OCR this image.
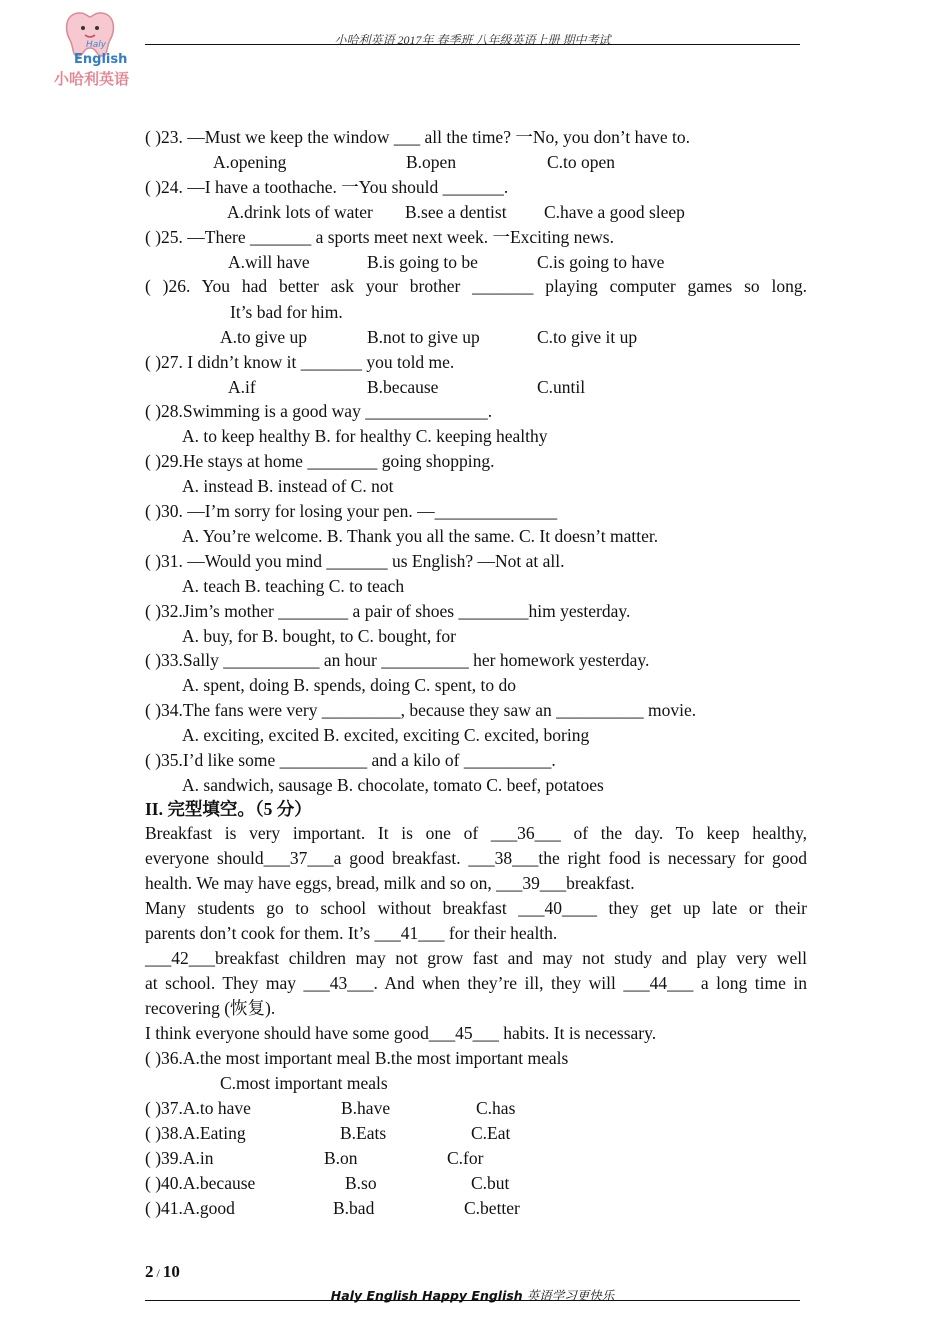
Haly
English
小哈利英语
小哈利英语 2017年 春季班 八年级英语上册 期中考试
( )23. —Must we keep the window ___ all the time? 一No, you don’t have to.
A.opening	B.open	C.to open
( )24. —I have a toothache. 一You should _______.
A.drink lots of water B.see a dentist C.have a good sleep
( )25. —There _______ a sports meet next week. 一Exciting news.
A.will have	B.is going to be	C.is going to have
( )26. You had better ask your brother _______ playing computer games so long.
It’s bad for him.
A.to give up	B.not to give up	C.to give it up
( )27. I didn’t know it _______ you told me.
A.if	B.because	C.until
( )28.Swimming is a good way ______________.
A. to keep healthy B. for healthy C. keeping healthy
( )29.He stays at home ________ going shopping.
A. instead B. instead of C. not
( )30. —I’m sorry for losing your pen. —______________
A. You’re welcome. B. Thank you all the same. C. It doesn’t matter.
( )31. —Would you mind _______ us English? —Not at all.
A. teach B. teaching C. to teach
( )32.Jim’s mother ________ a pair of shoes ________him yesterday.
A. buy, for B. bought, to C. bought, for
( )33.Sally ___________ an hour __________ her homework yesterday.
A. spent, doing B. spends, doing C. spent, to do
( )34.The fans were very _________, because they saw an __________ movie.
A. exciting, excited B. excited, exciting C. excited, boring
( )35.I’d like some __________ and a kilo of __________.
A. sandwich, sausage B. chocolate, tomato C. beef, potatoes
II. 完型填空。（5 分）
Breakfast is very important. It is one of ___36___ of the day. To keep healthy,
everyone should___37___a good breakfast. ___38___the right food is necessary for good
health. We may have eggs, bread, milk and so on, ___39___breakfast.
Many students go to school without breakfast ___40____ they get up late or their
parents don’t cook for them. It’s ___41___ for their health.
___42___breakfast children may not grow fast and may not study and play very well
at school. They may ___43___. And when they’re ill, they will ___44___ a long time in
recovering (恢复).
I think everyone should have some good___45___ habits. It is necessary.
( )36.A.the most important meal B.the most important meals
C.most important meals
( )37.A.to have	B.have	C.has
( )38.A.Eating	B.Eats	C.Eat
( )39.A.in	B.on	C.for
( )40.A.because	B.so	C.but
( )41.A.good	B.bad	C.better
2 / 10
Haly English Happy English 英语学习更快乐
